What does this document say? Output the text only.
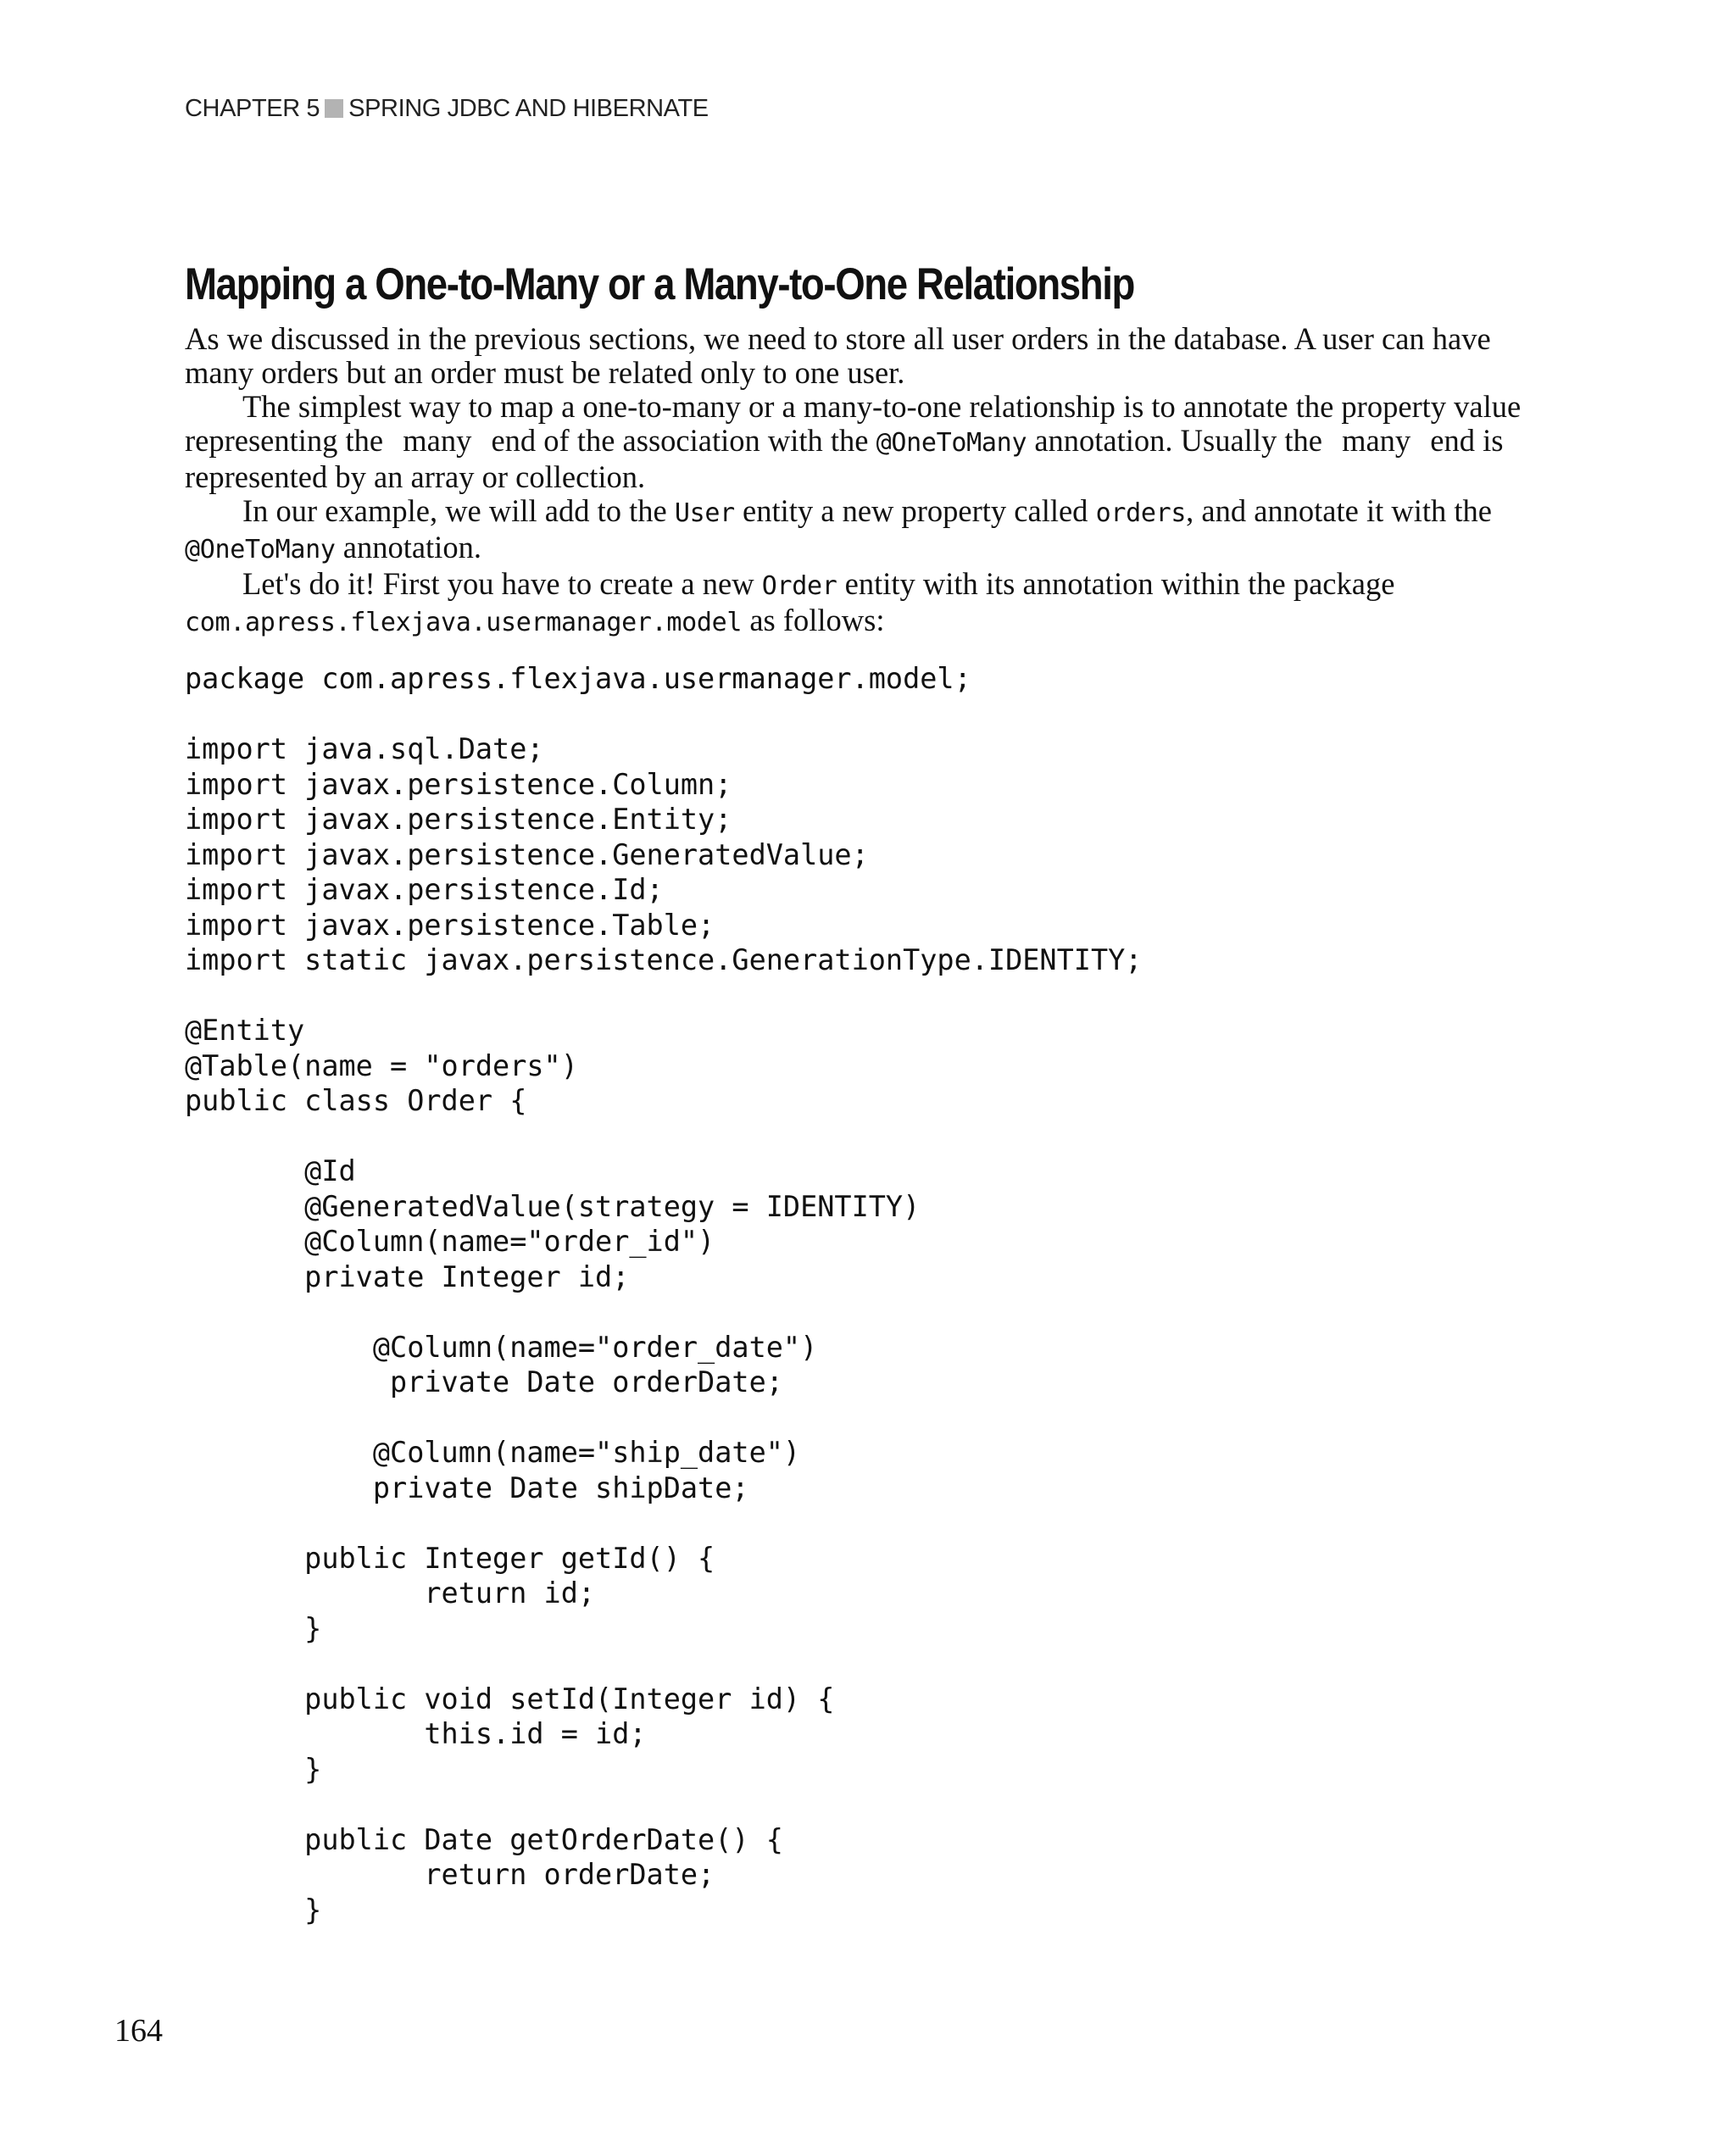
CHAPTER 5 SPRING JDBC AND HIBERNATE
Mapping a One-to-Many or a Many-to-One Relationship

As we discussed in the previous sections, we need to store all user orders in the database. A user can have many orders but an order must be related only to one user.

The simplest way to map a one-to-many or a many-to-one relationship is to annotate the property value representing the many end of the association with the @OneToMany annotation. Usually the many end is represented by an array or collection.

In our example, we will add to the User entity a new property called orders, and annotate it with the @OneToMany annotation.

Let's do it! First you have to create a new Order entity with its annotation within the package com.apress.flexjava.usermanager.model as follows:

package com.apress.flexjava.usermanager.model;

import java.sql.Date;
import javax.persistence.Column;
import javax.persistence.Entity;
import javax.persistence.GeneratedValue;
import javax.persistence.Id;
import javax.persistence.Table;
import static javax.persistence.GenerationType.IDENTITY;

@Entity
@Table(name = "orders")
public class Order {

@Id
@GeneratedValue(strategy = IDENTITY)
@Column(name="order_id")
private Integer id;

@Column(name="order_date")
private Date orderDate;

@Column(name="ship_date")
private Date shipDate;

public Integer getId() {
return id;
}

public void setId(Integer id) {
this.id = id;
}

public Date getOrderDate() {
return orderDate;
}
164
